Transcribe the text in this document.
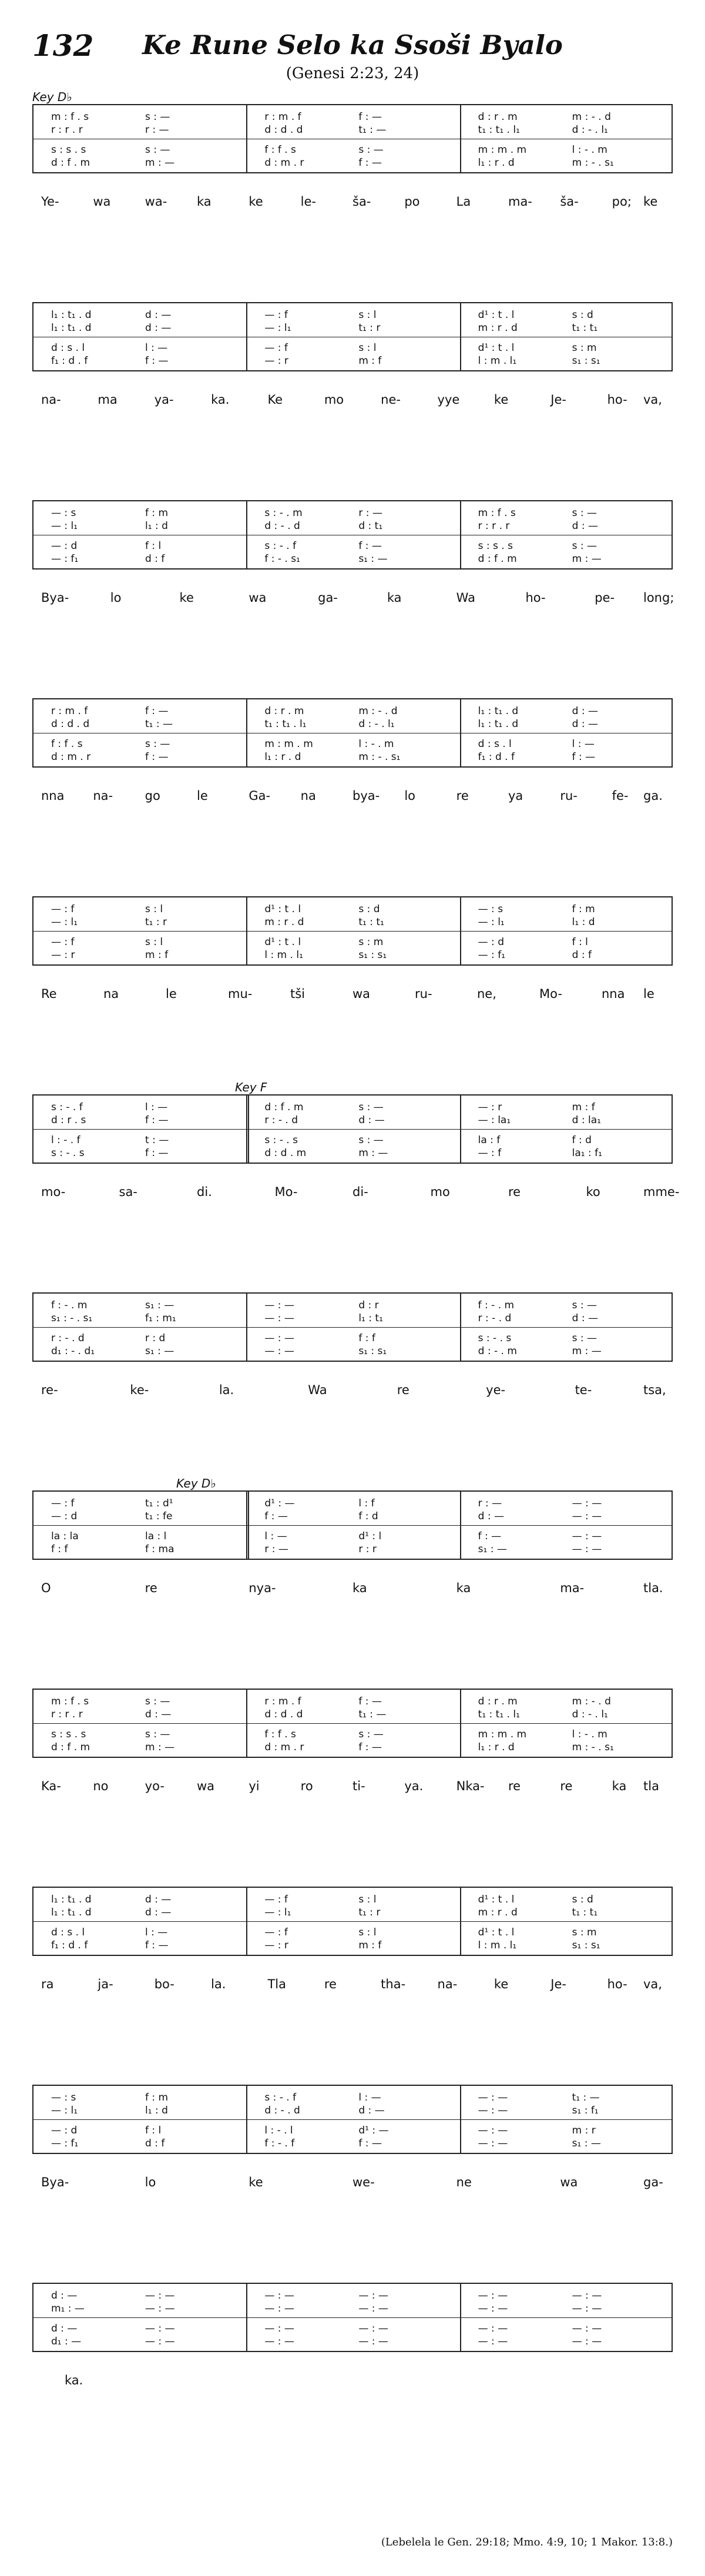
132	Ke Rune Selo ka Ssoši Byalo
(Genesi 2:23, 24)
Key D♭
m : f . s	s : —
r : r . r	r : —
s : s . s	s : —
d : f . m	m : —
r : m . f	f : —
d : d . d	t₁ : —
f : f . s	s : —
d : m . r	f : —
d : r . m	m : - . d
t₁ : t₁ . l₁	d : - . l₁
m : m . m	l : - . m
l₁ : r . d	m : - . s₁
Ye-	wa	wa- ka	ke	le-	ša-	po	La	ma- ša-	po; ke
l₁ : t₁ . d	d : —
l₁ : t₁ . d	d : —
d : s . l	l : —
f₁ : d . f	f : —
— : f	s : l
— : l₁	t₁ : r
— : f	s : l
— : r	m : f
d¹ : t . l	s : d
m : r . d	t₁ : t₁
d¹ : t . l	s : m
l : m . l₁	s₁ : s₁
na-	ma	ya-	ka.	Ke	mo	ne-	yye	ke	Je-	ho- va,
— : s	f : m
— : l₁	l₁ : d
— : d	f : l
— : f₁	d : f
s : - . m	r : —
d : - . d	d : t₁
s : - . f	f : —
f : - . s₁	s₁ : —
m : f . s	s : —
r : r . r	d : —
s : s . s	s : —
d : f . m	m : —
Bya-	lo	ke	wa	ga-	ka	Wa	ho-	pe- long;
r : m . f	f : —
d : d . d	t₁ : —
f : f . s	s : —
d : m . r	f : —
d : r . m	m : - . d
t₁ : t₁ . l₁	d : - . l₁
m : m . m	l : - . m
l₁ : r . d	m : - . s₁
l₁ : t₁ . d	d : —
l₁ : t₁ . d	d : —
d : s . l	l : —
f₁ : d . f	f : —
nna na-	go	le	Ga- na	bya- lo	re	ya	ru-	fe- ga.
— : f	s : l
— : l₁	t₁ : r
— : f	s : l
— : r	m : f
d¹ : t . l	s : d
m : r . d	t₁ : t₁
d¹ : t . l	s : m
l : m . l₁	s₁ : s₁
— : s	f : m
— : l₁	l₁ : d
— : d	f : l
— : f₁	d : f
Re	na	le	mu-	tši	wa	ru-	ne,	Mo-	nna le
Key F
s : - . f	l : —
d : r . s	f : —
l : - . f	t : —
s : - . s	f : —
d : f . m	s : —
r : - . d	d : —
s : - . s	s : —
d : d . m	m : —
— : r	m : f
— : la₁	d : la₁
la : f	f : d
— : f	la₁ : f₁
mo-	sa-	di.	Mo-	di-	mo	re	ko	mme-
f : - . m	s₁ : —
s₁ : - . s₁	f₁ : m₁
r : - . d	r : d
d₁ : - . d₁	s₁ : —
— : —	d : r
— : —	l₁ : t₁
— : —	f : f
— : —	s₁ : s₁
f : - . m	s : —
r : - . d	d : —
s : - . s	s : —
d : - . m	m : —
re-	ke-	la.	Wa	re	ye-	te-	tsa,
Key D♭
— : f	t₁ : d¹
— : d	t₁ : fe
la : la	la : l
f : f	f : ma
d¹ : —	l : f
f : —	f : d
l : —	d¹ : l
r : —	r : r
r : —	— : —
d : —	— : —
f : —	— : —
s₁ : —	— : —
O	re	nya-	ka	ka	ma-	tla.
m : f . s	s : —
r : r . r	d : —
s : s . s	s : —
d : f . m	m : —
r : m . f	f : —
d : d . d	t₁ : —
f : f . s	s : —
d : m . r	f : —
d : r . m	m : - . d
t₁ : t₁ . l₁	d : - . l₁
m : m . m	l : - . m
l₁ : r . d	m : - . s₁
Ka-	no	yo-	wa	yi	ro	ti-	ya.	Nka- re	re	ka tla
l₁ : t₁ . d	d : —
l₁ : t₁ . d	d : —
d : s . l	l : —
f₁ : d . f	f : —
— : f	s : l
— : l₁	t₁ : r
— : f	s : l
— : r	m : f
d¹ : t . l	s : d
m : r . d	t₁ : t₁
d¹ : t . l	s : m
l : m . l₁	s₁ : s₁
ra	ja-	bo-	la.	Tla	re	tha-	na-	ke	Je-	ho- va,
— : s	f : m
— : l₁	l₁ : d
— : d	f : l
— : f₁	d : f
s : - . f	l : —
d : - . d	d : —
l : - . l	d¹ : —
f : - . f	f : —
— : —	t₁ : —
— : —	s₁ : f₁
— : —	m : r
— : —	s₁ : —
Bya-	lo	ke	we-	ne	wa	ga-
d : —	— : —
m₁ : —	— : —
d : —	— : —
d₁ : —	— : —
— : —	— : —
— : —	— : —
— : —	— : —
— : —	— : —
— : —	— : —
— : —	— : —
— : —	— : —
— : —	— : —
ka.
(Lebelela le Gen. 29:18; Mmo. 4:9, 10; 1 Makor. 13:8.)
